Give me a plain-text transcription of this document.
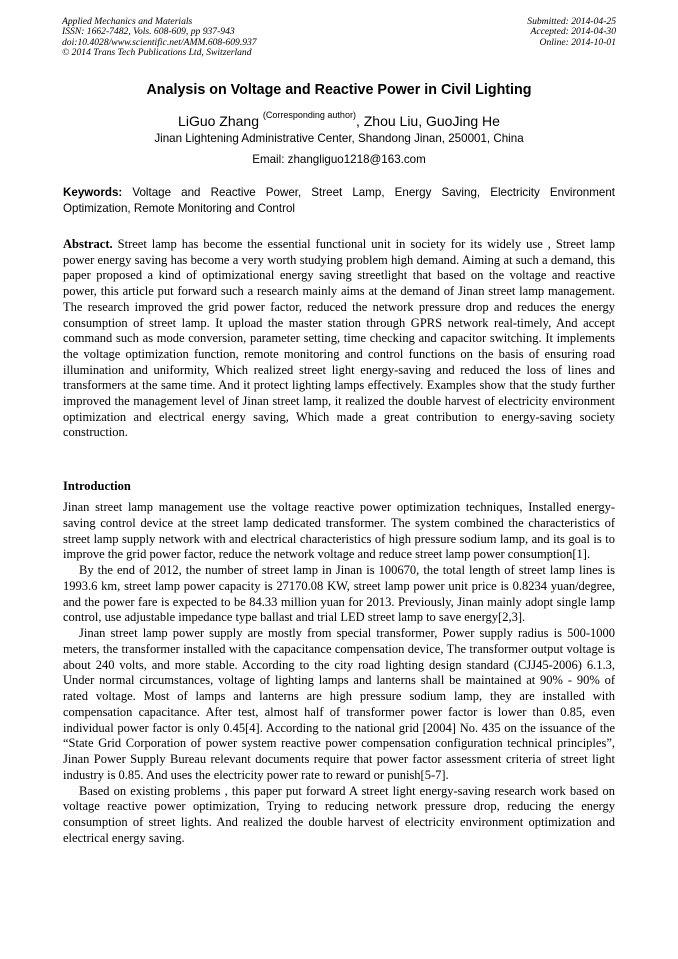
Applied Mechanics and Materials
ISSN: 1662-7482, Vols. 608-609, pp 937-943
doi:10.4028/www.scientific.net/AMM.608-609.937
© 2014 Trans Tech Publications Ltd, Switzerland
Submitted: 2014-04-25
Accepted: 2014-04-30
Online: 2014-10-01
Analysis on Voltage and Reactive Power in Civil Lighting
LiGuo Zhang $^{(Corresponding author)}$, Zhou Liu, GuoJing He
Jinan Lightening Administrative Center, Shandong Jinan, 250001, China
Email: zhangliguo1218@163.com
Keywords: Voltage and Reactive Power, Street Lamp, Energy Saving, Electricity Environment Optimization, Remote Monitoring and Control
Abstract. Street lamp has become the essential functional unit in society for its widely use , Street lamp power energy saving has become a very worth studying problem high demand. Aiming at such a demand, this paper proposed a kind of optimizational energy saving streetlight that based on the voltage and reactive power, this article put forward such a research mainly aims at the demand of Jinan street lamp management. The research improved the grid power factor, reduced the network pressure drop and reduces the energy consumption of street lamp. It upload the master station through GPRS network real-timely, And accept command such as mode conversion, parameter setting, time checking and capacitor switching. It implements the voltage optimization function, remote monitoring and control functions on the basis of ensuring road illumination and uniformity, Which realized street light energy-saving and reduced the loss of lines and transformers at the same time. And it protect lighting lamps effectively. Examples show that the study further improved the management level of Jinan street lamp, it realized the double harvest of electricity environment optimization and electrical energy saving, Which made a great contribution to energy-saving society construction.
Introduction

Jinan street lamp management use the voltage reactive power optimization techniques, Installed energy-saving control device at the street lamp dedicated transformer. The system combined the characteristics of street lamp supply network with and electrical characteristics of high pressure sodium lamp, and its goal is to improve the grid power factor, reduce the network voltage and reduce street lamp power consumption[1].

By the end of 2012, the number of street lamp in Jinan is 100670, the total length of street lamp lines is 1993.6 km, street lamp power capacity is 27170.08 KW, street lamp power unit price is 0.8234 yuan/degree, and the power fare is expected to be 84.33 million yuan for 2013. Previously, Jinan mainly adopt single lamp control, use adjustable impedance type ballast and trial LED street lamp to save energy[2,3].

Jinan street lamp power supply are mostly from special transformer, Power supply radius is 500-1000 meters, the transformer installed with the capacitance compensation device, The transformer output voltage is about 240 volts, and more stable. According to the city road lighting design standard (CJJ45-2006) 6.1.3, Under normal circumstances, voltage of lighting lamps and lanterns shall be maintained at 90% - 90% of rated voltage. Most of lamps and lanterns are high pressure sodium lamp, they are installed with compensation capacitance. After test, almost half of transformer power factor is lower than 0.85, even individual power factor is only 0.45[4]. According to the national grid [2004] No. 435 on the issuance of the “State Grid Corporation of power system reactive power compensation configuration technical principles”, Jinan Power Supply Bureau relevant documents require that power factor assessment criteria of street light industry is 0.85. And uses the electricity power rate to reward or punish[5-7].

Based on existing problems , this paper put forward A street light energy-saving research work based on voltage reactive power optimization, Trying to reducing network pressure drop, reducing the energy consumption of street lights. And realized the double harvest of electricity environment optimization and electrical energy saving.
